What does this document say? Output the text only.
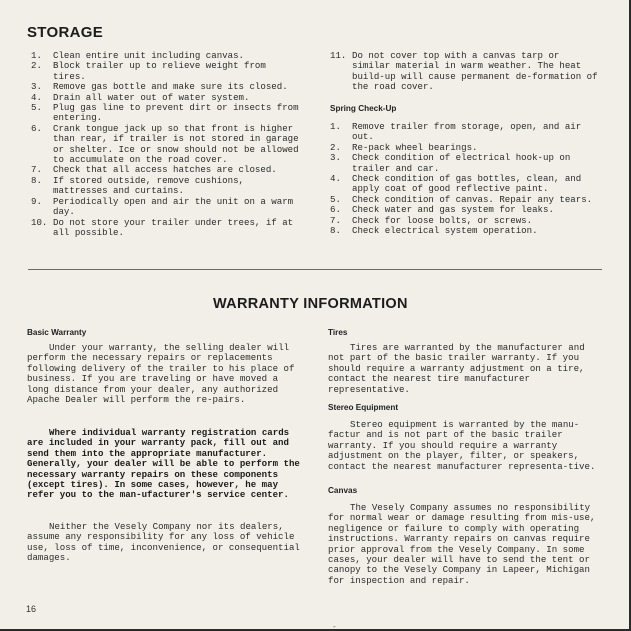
STORAGE
1. Clean entire unit including canvas.
2. Block trailer up to relieve weight from tires.
3. Remove gas bottle and make sure its closed.
4. Drain all water out of water system.
5. Plug gas line to prevent dirt or insects from entering.
6. Crank tongue jack up so that front is higher than rear, if trailer is not stored in garage or shelter. Ice or snow should not be allowed to accumulate on the road cover.
7. Check that all access hatches are closed.
8. If stored outside, remove cushions, mattresses and curtains.
9. Periodically open and air the unit on a warm day.
10. Do not store your trailer under trees, if at all possible.
11. Do not cover top with a canvas tarp or similar material in warm weather. The heat build-up will cause permanent de-formation of the road cover.
Spring Check-Up
1. Remove trailer from storage, open, and air out.
2. Re-pack wheel bearings.
3. Check condition of electrical hook-up on trailer and car.
4. Check condition of gas bottles, clean, and apply coat of good reflective paint.
5. Check condition of canvas. Repair any tears.
6. Check water and gas system for leaks.
7. Check for loose bolts, or screws.
8. Check electrical system operation.
WARRANTY INFORMATION
Basic Warranty

Under your warranty, the selling dealer will perform the necessary repairs or replacements following delivery of the trailer to his place of business. If you are traveling or have moved a long distance from your dealer, any authorized Apache Dealer will perform the re-pairs.

Where individual warranty registration cards are included in your warranty pack, fill out and send them into the appropriate manufacturer. Generally, your dealer will be able to perform the necessary warranty repairs on these components (except tires). In some cases, however, he may refer you to the man-ufacturer's service center.

Neither the Vesely Company nor its dealers, assume any responsibility for any loss of vehicle use, loss of time, inconvenience, or consequential damages.

Tires

Tires are warranted by the manufacturer and not part of the basic trailer warranty. If you should require a warranty adjustment on a tire, contact the nearest tire manufacturer representative.

Stereo Equipment

Stereo equipment is warranted by the manu-factur and is not part of the basic trailer warranty. If you should require a warranty adjustment on the player, filter, or speakers, contact the nearest manufacturer representa-tive.

Canvas

The Vesely Company assumes no responsibility for normal wear or damage resulting from mis-use, negligence or failure to comply with operating instructions. Warranty repairs on canvas require prior approval from the Vesely Company. In some cases, your dealer will have to send the tent or canopy to the Vesely Company in Lapeer, Michigan for inspection and repair.

16
-
